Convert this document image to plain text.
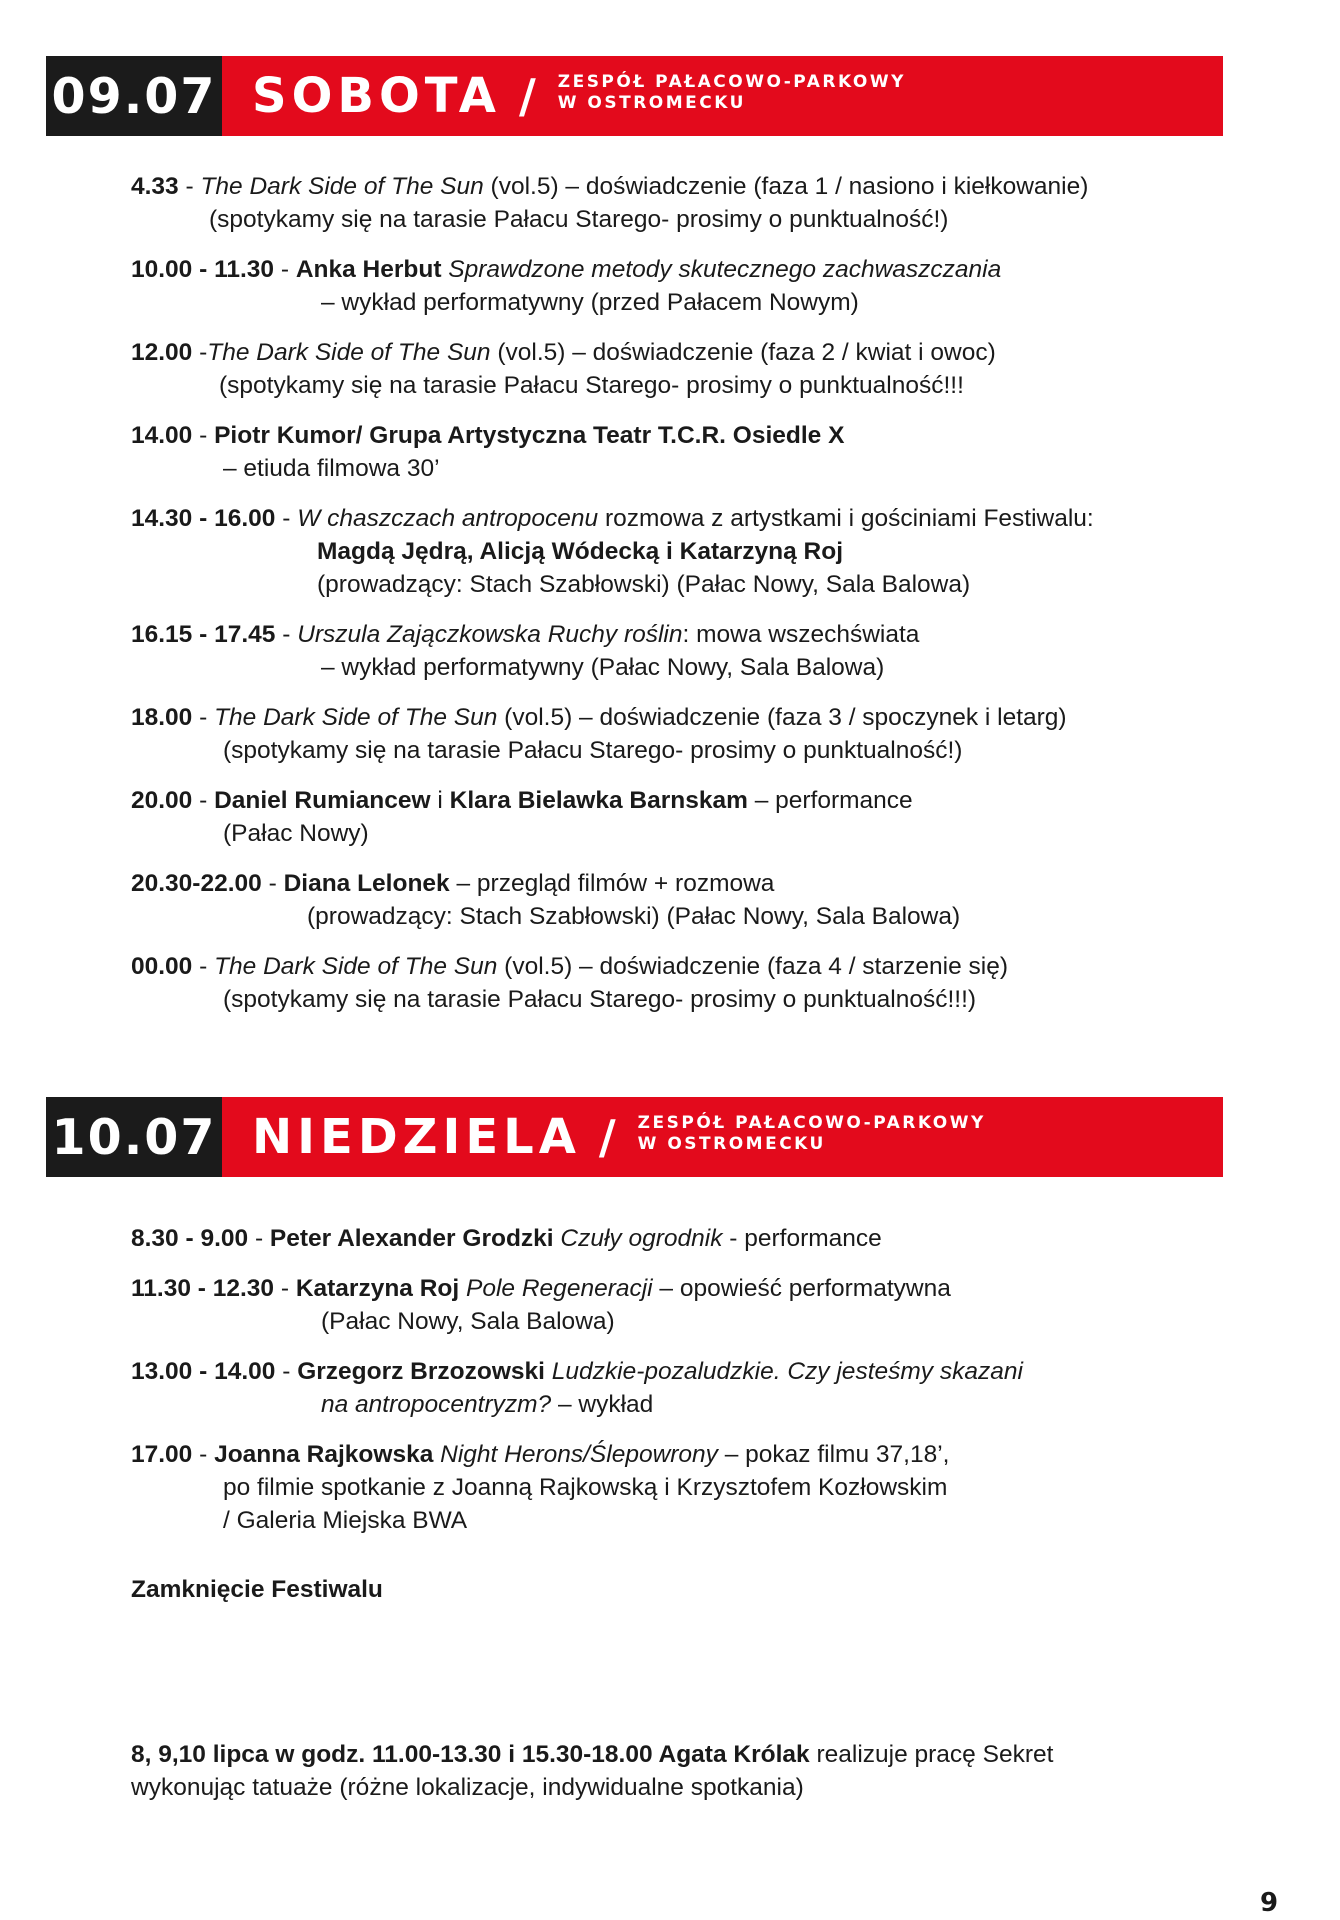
09.07 SOBOTA / ZESPÓŁ PAŁACOWO-PARKOWY
W OSTROMECKU
4.33 - The Dark Side of The Sun (vol.5) – doświadczenie (faza 1 / nasiono i kiełkowanie)
(spotykamy się na tarasie Pałacu Starego- prosimy o punktualność!)
10.00 - 11.30 - Anka Herbut Sprawdzone metody skutecznego zachwaszczania
– wykład performatywny (przed Pałacem Nowym)
12.00 -The Dark Side of The Sun (vol.5) – doświadczenie (faza 2 / kwiat i owoc)
(spotykamy się na tarasie Pałacu Starego- prosimy o punktualność!!!
14.00 - Piotr Kumor/ Grupa Artystyczna Teatr T.C.R. Osiedle X
– etiuda filmowa 30’
14.30 - 16.00 - W chaszczach antropocenu rozmowa z artystkami i gościniami Festiwalu:
Magdą Jędrą, Alicją Wódecką i Katarzyną Roj
(prowadzący: Stach Szabłowski) (Pałac Nowy, Sala Balowa)
16.15 - 17.45 - Urszula Zajączkowska Ruchy roślin: mowa wszechświata
– wykład performatywny (Pałac Nowy, Sala Balowa)
18.00 - The Dark Side of The Sun (vol.5) – doświadczenie (faza 3 / spoczynek i letarg)
(spotykamy się na tarasie Pałacu Starego- prosimy o punktualność!)
20.00 - Daniel Rumiancew i Klara Bielawka Barnskam – performance
(Pałac Nowy)
20.30-22.00 - Diana Lelonek – przegląd filmów + rozmowa
(prowadzący: Stach Szabłowski) (Pałac Nowy, Sala Balowa)
00.00 - The Dark Side of The Sun (vol.5) – doświadczenie (faza 4 / starzenie się)
(spotykamy się na tarasie Pałacu Starego- prosimy o punktualność!!!)
10.07 NIEDZIELA / ZESPÓŁ PAŁACOWO-PARKOWY
W OSTROMECKU
8.30 - 9.00 - Peter Alexander Grodzki Czuły ogrodnik - performance
11.30 - 12.30 - Katarzyna Roj Pole Regeneracji – opowieść performatywna
(Pałac Nowy, Sala Balowa)
13.00 - 14.00 - Grzegorz Brzozowski Ludzkie-pozaludzkie. Czy jesteśmy skazani
na antropocentryzm? – wykład
17.00 - Joanna Rajkowska Night Herons/Ślepowrony – pokaz filmu 37,18’,
po filmie spotkanie z Joanną Rajkowską i Krzysztofem Kozłowskim
/ Galeria Miejska BWA
Zamknięcie Festiwalu
8, 9,10 lipca w godz. 11.00-13.30 i 15.30-18.00 Agata Królak realizuje pracę Sekret
wykonując tatuaże (różne lokalizacje, indywidualne spotkania)
9
